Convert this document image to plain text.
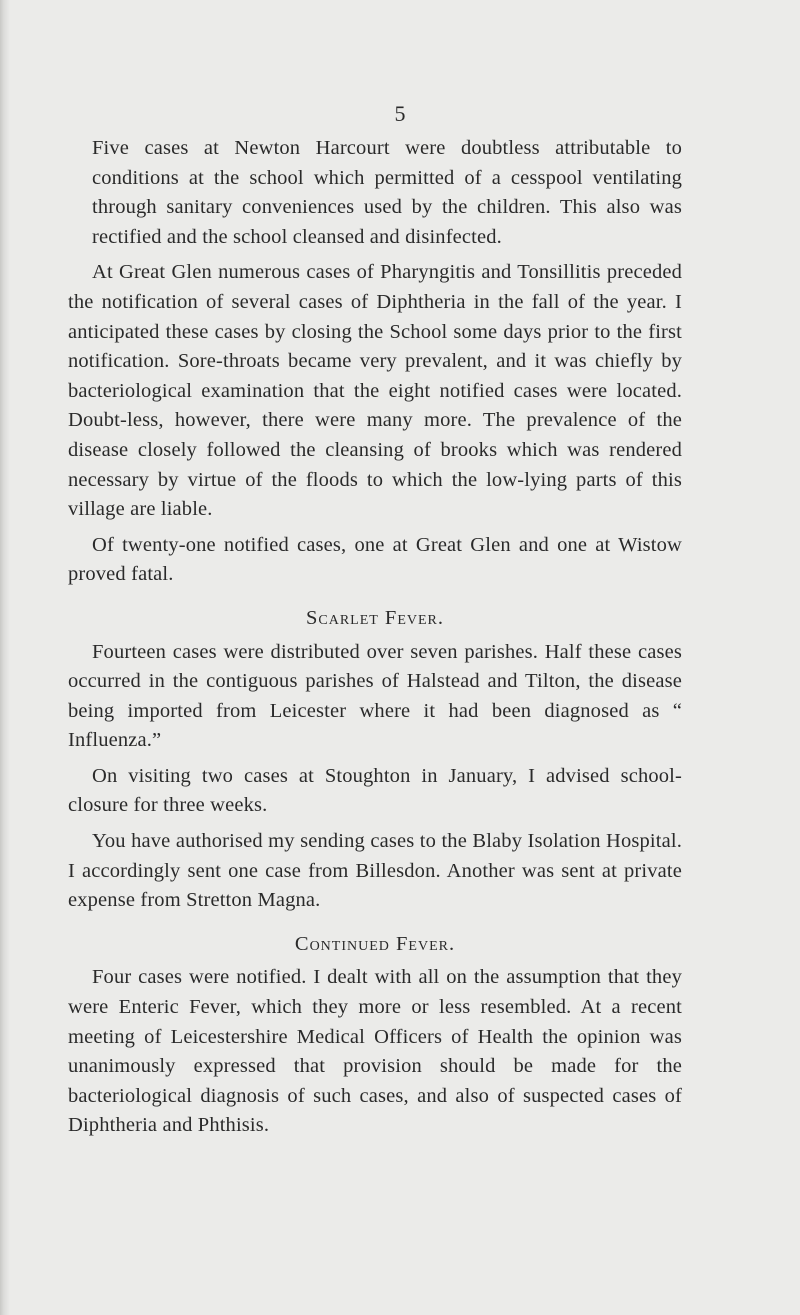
5

Five cases at Newton Harcourt were doubtless attributable to conditions at the school which permitted of a cesspool ventilating through sanitary conveniences used by the children. This also was rectified and the school cleansed and disinfected.

At Great Glen numerous cases of Pharyngitis and Tonsillitis preceded the notification of several cases of Diphtheria in the fall of the year. I anticipated these cases by closing the School some days prior to the first notification. Sore-throats became very prevalent, and it was chiefly by bacteriological examination that the eight notified cases were located. Doubt-less, however, there were many more. The prevalence of the disease closely followed the cleansing of brooks which was rendered necessary by virtue of the floods to which the low-lying parts of this village are liable.

Of twenty-one notified cases, one at Great Glen and one at Wistow proved fatal.

Scarlet Fever.

Fourteen cases were distributed over seven parishes. Half these cases occurred in the contiguous parishes of Halstead and Tilton, the disease being imported from Leicester where it had been diagnosed as “ Influenza.”

On visiting two cases at Stoughton in January, I advised school-closure for three weeks.

You have authorised my sending cases to the Blaby Isolation Hospital. I accordingly sent one case from Billesdon. Another was sent at private expense from Stretton Magna.

Continued Fever.

Four cases were notified. I dealt with all on the assumption that they were Enteric Fever, which they more or less resembled. At a recent meeting of Leicestershire Medical Officers of Health the opinion was unanimously expressed that provision should be made for the bacteriological diagnosis of such cases, and also of suspected cases of Diphtheria and Phthisis.
